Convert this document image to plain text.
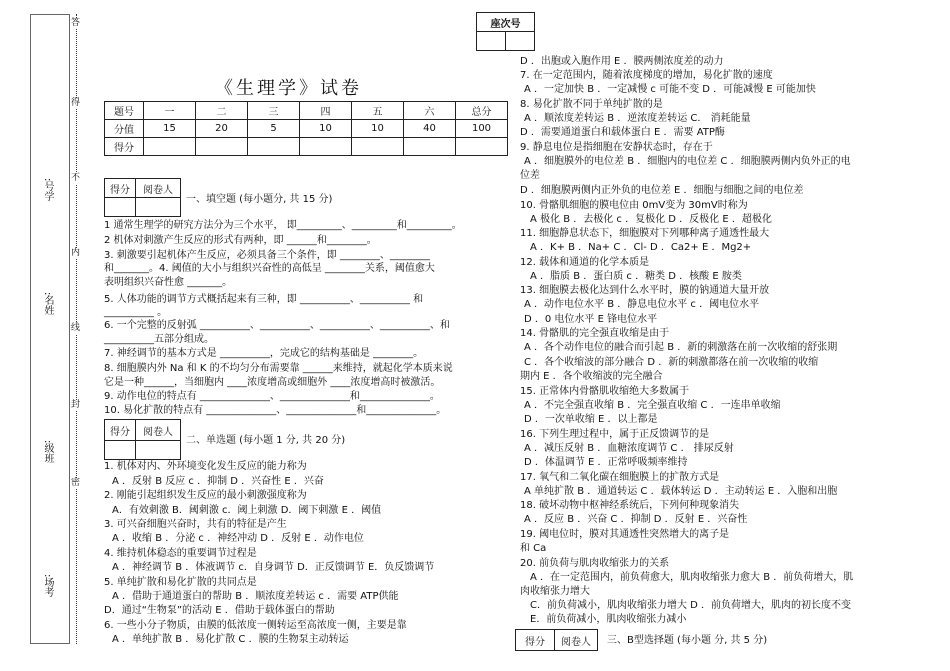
答
得
不
内
线
封
密
:号学
:名姓
:级班
:场考
座次号

《生理学》试卷
题号	一	二	三	四	五	六	总分
分值	15	20	5	10	10	40	100
得分							
得分	阅卷人

一、填空题 (每小题分, 共 15 分)
1 通常生理学的研究方法分为三个水平， 即_________、_________和_________。
2 机体对刺激产生反应的形式有两种，即 ______和________。
3. 刺激要引起机体产生反应，必须具备三个条件，即 ________、________
和_______。4. 阈值的大小与组织兴奋性的高低呈 ________关系，阈值愈大
表明组织兴奋性愈 _______。
5. 人体功能的调节方式概括起来有三种，即 __________、__________ 和
__________ 。
6. 一个完整的反射弧 __________、__________、__________、__________、和
__________五部分组成。
7. 神经调节的基本方式是 __________，完成它的结构基础是 ________。
8. 细胞膜内外 Na 和 K 的不均匀分布需要靠 ______来维持，就起化学本质来说
它是一种______，当细胞内 ____浓度增高或细胞外 ____浓度增高时被激活。
9. 动作电位的特点有 ______________、______________和______________。
10. 易化扩散的特点有 ______________、______________和______________。
得分	阅卷人

二、单选题 (每小题 1 分, 共 20 分)
1. 机体对内、外环境变化发生反应的能力称为
A ．反射 B 反应 c ．抑制 D ．兴奋性 E ．兴奋
2. 刚能引起组织发生反应的最小刺激强度称为
A．有效刺激 B．阈刺激 c．阈上刺激 D．阈下刺激 E ．阈值
3. 可兴奋细胞兴奋时，共有的特征是产生
A ．收缩 B ．分泌 c ．神经冲动 D ．反射 E ．动作电位
4. 维持机体稳态的重要调节过程是
A ．神经调节 B ．体液调节 c．自身调节 D．正反馈调节 E．负反馈调节
5. 单纯扩散和易化扩散的共同点是
A ．借助于通道蛋白的帮助 B ．顺浓度差转运 c ．需要 ATP供能
D．通过“生物泵”的活动 E ．借助于载体蛋白的帮助
6. 一些小分子物质，由膜的低浓度一侧转运至高浓度一侧，主要是靠
A ．单纯扩散 B ．易化扩散 C ．膜的生物泵主动转运
D ．出胞或入胞作用 E ．膜两侧浓度差的动力
7. 在一定范围内，随着浓度梯度的增加，易化扩散的速度
A ．一定加快 B ．一定减慢 c 可能不变 D ．可能减慢 E 可能加快
8. 易化扩散不同于单纯扩散的是
A ．顺浓度差转运 B ．逆浓度差转运 C． 消耗能量
D ．需要通道蛋白和载体蛋白 E ．需要 ATP酶
9. 静息电位是指细胞在安静状态时，存在于
A ．细胞膜外的电位差 B ．细胞内的电位差 C ．细胞膜两侧内负外正的电
位差
D ．细胞膜两侧内正外负的电位差 E ．细胞与细胞之间的电位差
10. 骨骼肌细胞的膜电位由 0mV变为 30mV时称为
A 极化 B ．去极化 c ．复极化 D ．反极化 E ．超极化
11. 细胞静息状态下，细胞膜对下列哪种离子通透性最大
A ．K+ B ．Na+ C ．Cl- D ．Ca2+ E ．Mg2+
12. 载体和通道的化学本质是
A ．脂质 B ．蛋白质 c ．糖类 D ．核酸 E 胺类
13. 细胞膜去极化达到什么水平时，膜的钠通道大量开放
A ．动作电位水平 B ．静息电位水平 c ．阈电位水平
D ．0 电位水平 E 锋电位水平
14. 骨骼肌的完全强直收缩是由于
A ．各个动作电位的融合而引起 B ．新的刺激落在前一次收缩的舒张期
C ．各个收缩波的部分融合 D ．新的刺激都落在前一次收缩的收缩
期内 E ．各个收缩波的完全融合
15. 正常体内骨骼肌收缩绝大多数属于
A ．不完全强直收缩 B ．完全强直收缩 C ．一连串单收缩
D ．一次单收缩 E ．以上都是
16. 下列生理过程中，属于正反馈调节的是
A ．减压反射 B ．血糖浓度调节 C ． 排尿反射
D ．体温调节 E ．正常呼吸频率维持
17. 氧气和二氧化碳在细胞膜上的扩散方式是
A 单纯扩散 B ．通道转运 C ．载体转运 D ．主动转运 E ．入胞和出胞
18. 破坏动物中枢神经系统后，下列何种现象消失
A ．反应 B ．兴奋 C ．抑制 D ．反射 E ．兴奋性
19. 阈电位时，膜对其通透性突然增大的离子是
和 Ca
20. 前负荷与肌肉收缩张力的关系
A ．在一定范围内，前负荷愈大，肌肉收缩张力愈大 B ．前负荷增大，肌
肉收缩张力增大
C．前负荷减小，肌肉收缩张力增大 D ．前负荷增大，肌肉的初长度不变
E．前负荷减小，肌肉收缩张力减小
得分	阅卷人 三、B型选择题 (每小题 分, 共 5 分)
